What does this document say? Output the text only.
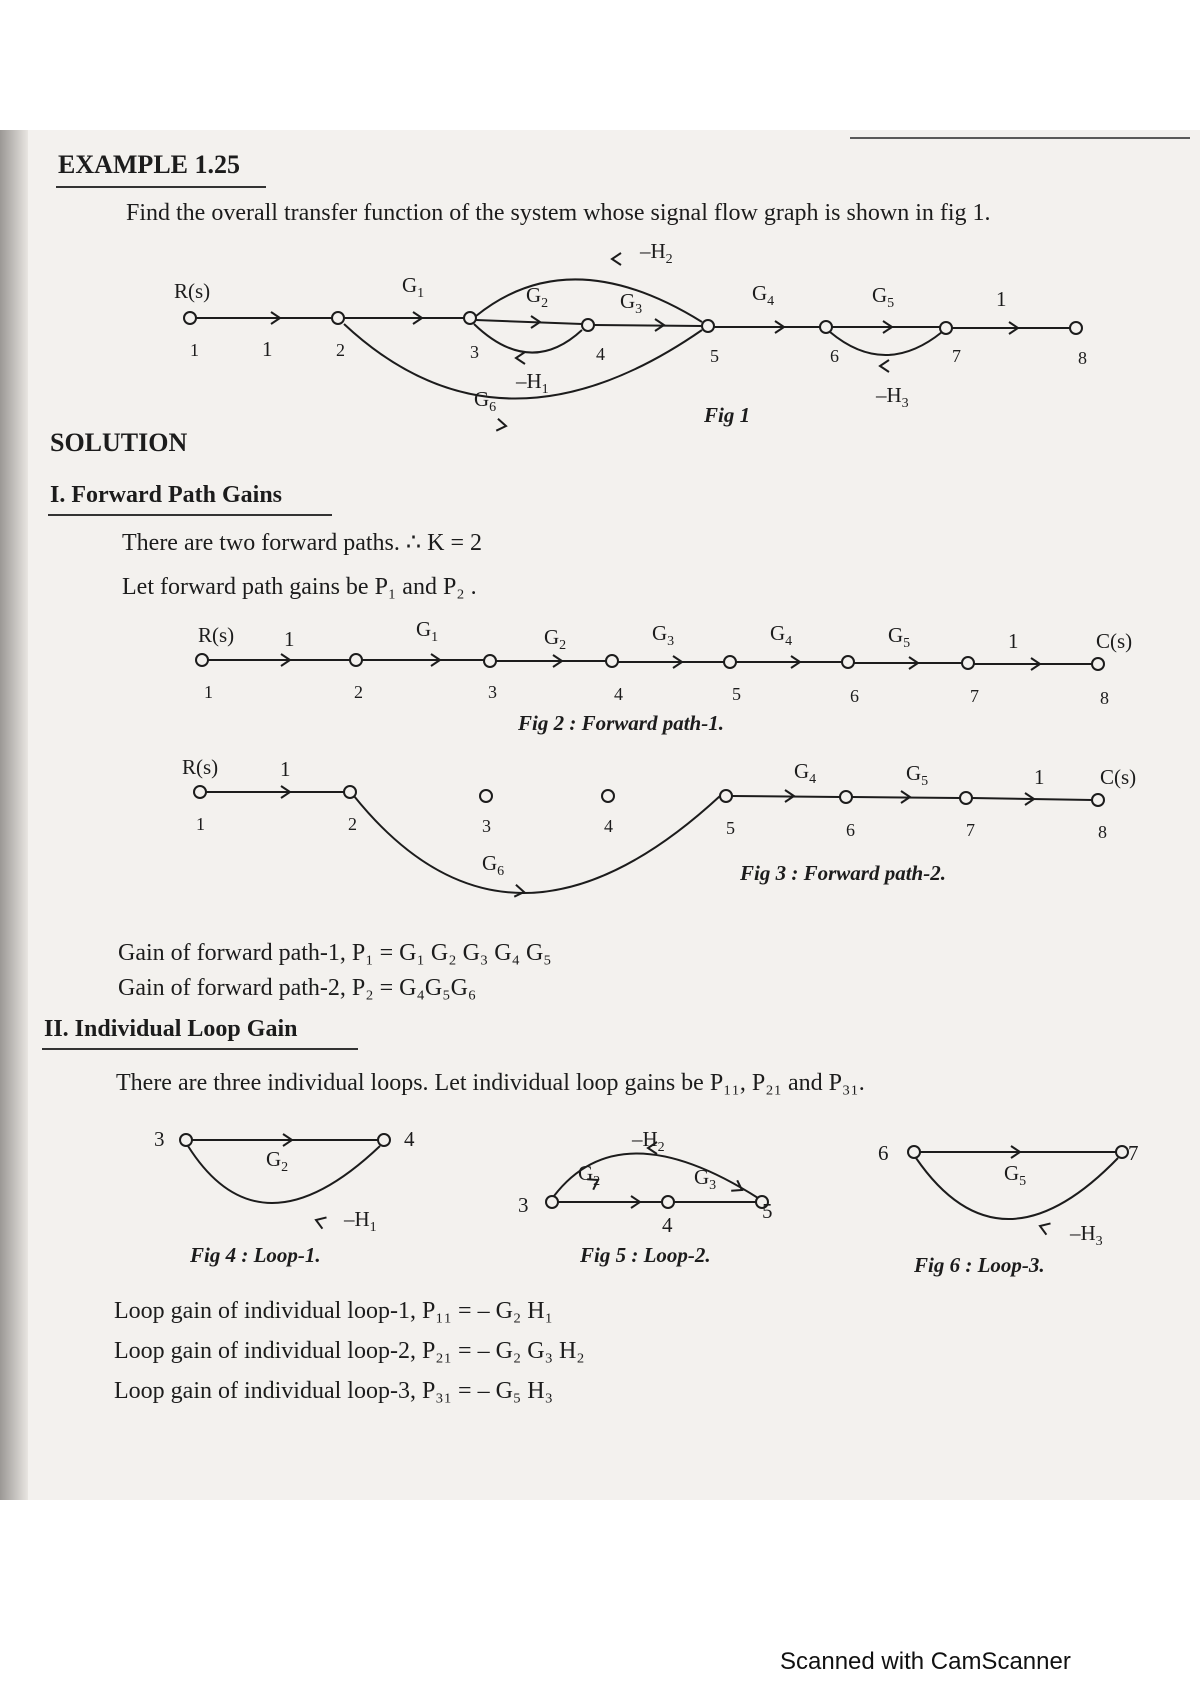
EXAMPLE 1.25
Find the overall transfer function of the system whose signal flow graph is shown in fig 1.
SOLUTION
I. Forward Path Gains
There are two forward paths. ∴ K = 2
Let forward path gains be P₁ and P₂ .
Gain of forward path-1, P₁ = G₁ G₂ G₃ G₄ G₅
Gain of forward path-2, P₂ = G₄G₅G₆
II. Individual Loop Gain
There are three individual loops. Let individual loop gains be P₁₁, P₂₁ and P₃₁.
Loop gain of individual loop-1, P₁₁ = – G₂ H₁
Loop gain of individual loop-2, P₂₁ = – G₂ G₃ H₂
Loop gain of individual loop-3, P₃₁ = – G₅ H₃
R(s)
1	1	2	3	4	5	6	7	8
1
$G_1$	$G_2$	$G_3$
$G_4$	$G_5$
$G_6$
$-H_2$
$-H_1$	$-H_3$
Fig 1
R(s) 1	C(s)
1
1	2	3	4	5	6	7	8
$G_1$	$G_2$
$G_3$	$G_4$	$G_5$
Fig 2 : Forward path-1.
R(s)	1	C(s)
1
1	2	3	4	5	6	7	8
$G_4$	$G_5$
$G_6$	Fig 3 : Forward path-2.
3	4
$G_2$
$-H_1$
Fig 4 : Loop-1.
3	5
4
$G_2$	$G_3$
$-H_2$
Fig 5 : Loop-2.
6	7
$G_5$
$-H_3$
Fig 6 : Loop-3.
Scanned with CamScanner
